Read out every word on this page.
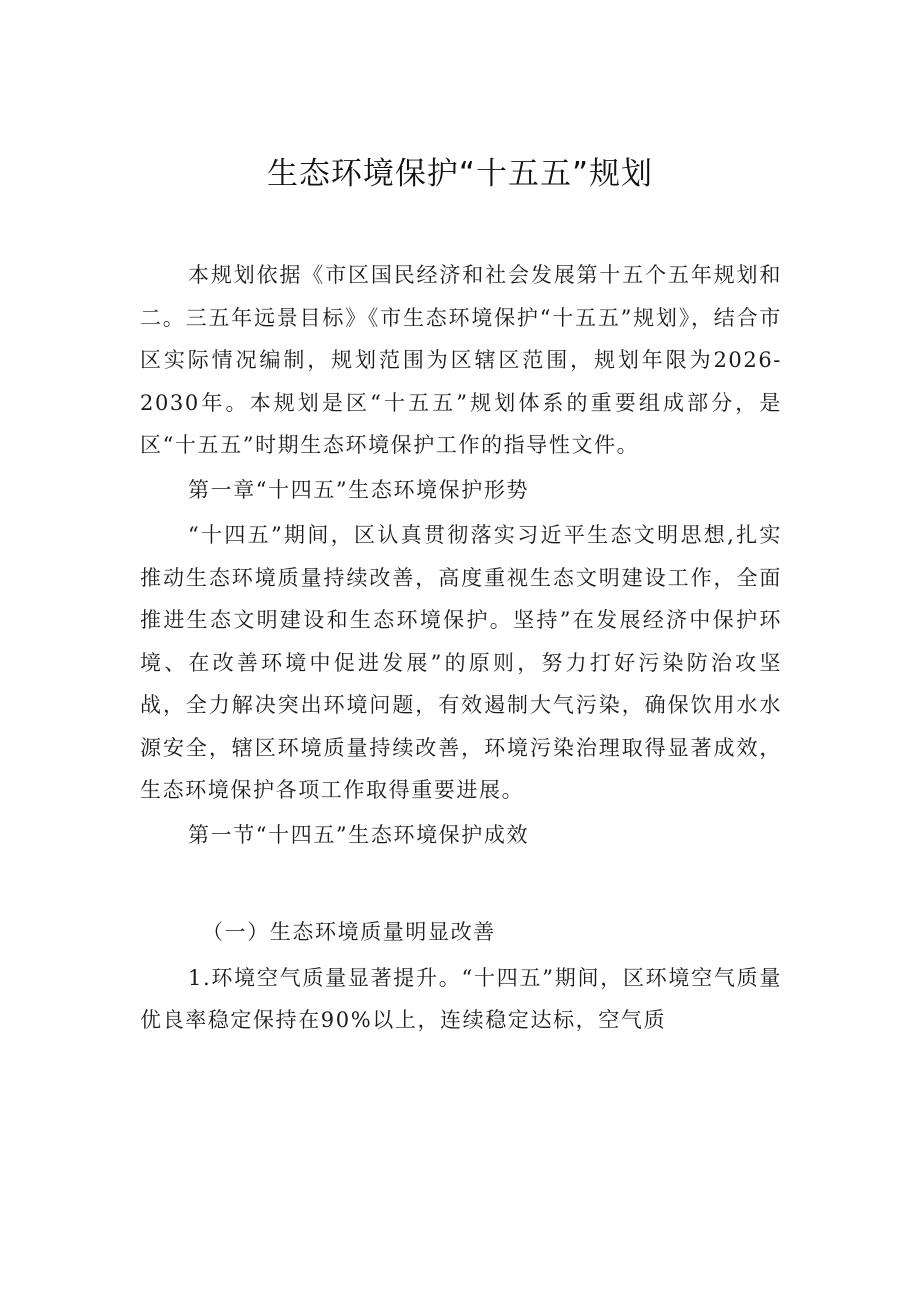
生态环境保护“十五五”规划

本规划依据《市区国民经济和社会发展第十五个五年规划和二。三五年远景目标》《市生态环境保护“十五五”规划》，结合市区实际情况编制，规划范围为区辖区范围，规划年限为2026-2030年。本规划是区“十五五”规划体系的重要组成部分，是区“十五五”时期生态环境保护工作的指导性文件。

第一章“十四五”生态环境保护形势

“十四五”期间，区认真贯彻落实习近平生态文明思想,扎实推动生态环境质量持续改善，高度重视生态文明建设工作，全面推进生态文明建设和生态环境保护。坚持”在发展经济中保护环境、在改善环境中促进发展”的原则，努力打好污染防治攻坚战，全力解决突出环境问题，有效遏制大气污染，确保饮用水水源安全，辖区环境质量持续改善，环境污染治理取得显著成效，生态环境保护各项工作取得重要进展。

第一节“十四五”生态环境保护成效

（一）生态环境质量明显改善

1.环境空气质量显著提升。“十四五”期间，区环境空气质量优良率稳定保持在90%以上，连续稳定达标，空气质
